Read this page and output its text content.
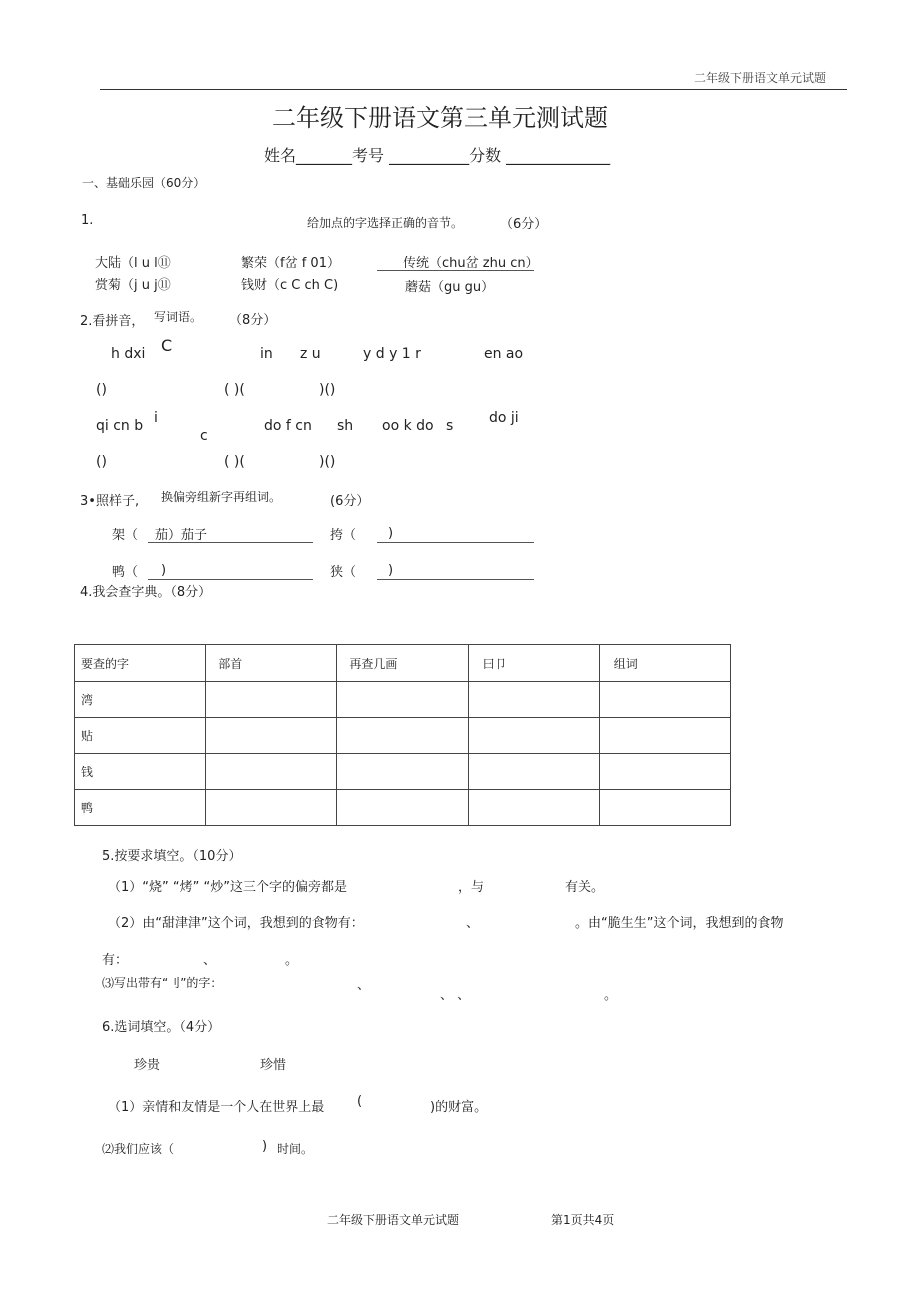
二年级下册语文单元试题
二年级下册语文第三单元测试题
姓名_______考号 __________分数 _____________
一、基础乐园（60分）
1.	给加点的字选择正确的音节。	（6分）
大陆（l u l⑪	繁荣（f岔 f 01）	传统（chu岔 zhu cn）
赏菊（j u j⑪	钱财（c C ch C)	蘑菇（gu gu）
2.看拼音， 写词语。 （8分）
h dxi C	in z u	y d y 1 r	en ao
()	( )(	)()
qi cn b i
c
do f cn sh oo k do s	do ji
()	( )(	)()
3•照样子, 换偏旁组新字再组词。	(6分）
架（ 茄）茄子	挎（ )
鸭（ )	狭（ )
4.我会查字典。（8分）
要查的字	部首	再查几画	曰卩	组词
湾				
贴				
钱				
鸭				
5.按要求填空。（10分）
（1）“烧” “烤” “炒”这三个字的偏旁都是	，与	有关。
（2）由“甜津津”这个词，我想到的食物有：	、	。由“脆生生”这个词，我想到的食物
有：	、	。
⑶写出带有“刂”的字：	、
、 、	。
6.选词填空。（4分）
珍贵	珍惜
（1）亲情和友情是一个人在世界上最	(	)的财富。
⑵我们应该（	) 时间。
二年级下册语文单元试题	第1页共4页
